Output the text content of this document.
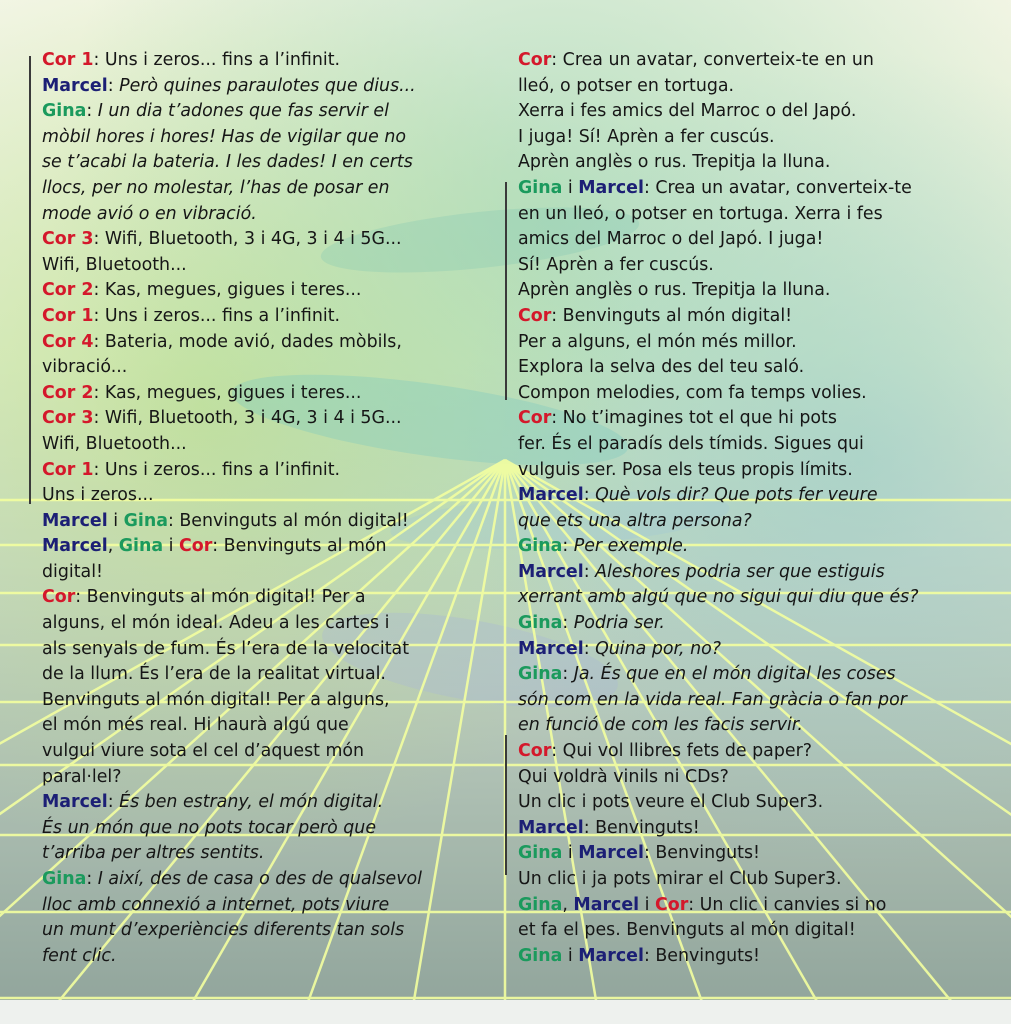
Cor 1: Uns i zeros... fins a l’infinit.
Marcel: Però quines paraulotes que dius...
Gina: I un dia t’adones que fas servir el
mòbil hores i hores! Has de vigilar que no
se t’acabi la bateria. I les dades! I en certs
llocs, per no molestar, l’has de posar en
mode avió o en vibració.
Cor 3: Wifi, Bluetooth, 3 i 4G, 3 i 4 i 5G...
Wifi, Bluetooth...
Cor 2: Kas, megues, gigues i teres...
Cor 1: Uns i zeros... fins a l’infinit.
Cor 4: Bateria, mode avió, dades mòbils,
vibració...
Cor 2: Kas, megues, gigues i teres...
Cor 3: Wifi, Bluetooth, 3 i 4G, 3 i 4 i 5G...
Wifi, Bluetooth...
Cor 1: Uns i zeros... fins a l’infinit.
Uns i zeros...
Marcel i Gina: Benvinguts al món digital!
Marcel, Gina i Cor: Benvinguts al món
digital!
Cor: Benvinguts al món digital! Per a
alguns, el món ideal. Adeu a les cartes i
als senyals de fum. És l’era de la velocitat
de la llum. És l’era de la realitat virtual.
Benvinguts al món digital! Per a alguns,
el món més real. Hi haurà algú que
vulgui viure sota el cel d’aquest món
paral·lel?
Marcel: És ben estrany, el món digital.
És un món que no pots tocar però que
t’arriba per altres sentits.
Gina: I així, des de casa o des de qualsevol
lloc amb connexió a internet, pots viure
un munt d’experiències diferents tan sols
fent clic.
Cor: Crea un avatar, converteix-te en un
lleó, o potser en tortuga.
Xerra i fes amics del Marroc o del Japó.
I juga! Sí! Aprèn a fer cuscús.
Aprèn anglès o rus. Trepitja la lluna.
Gina i Marcel: Crea un avatar, converteix-te
en un lleó, o potser en tortuga. Xerra i fes
amics del Marroc o del Japó. I juga!
Sí! Aprèn a fer cuscús.
Aprèn anglès o rus. Trepitja la lluna.
Cor: Benvinguts al món digital!
Per a alguns, el món més millor.
Explora la selva des del teu saló.
Compon melodies, com fa temps volies.
Cor: No t’imagines tot el que hi pots
fer. És el paradís dels tímids. Sigues qui
vulguis ser. Posa els teus propis límits.
Marcel: Què vols dir? Que pots fer veure
que ets una altra persona?
Gina: Per exemple.
Marcel: Aleshores podria ser que estiguis
xerrant amb algú que no sigui qui diu que és?
Gina: Podria ser.
Marcel: Quina por, no?
Gina: Ja. És que en el món digital les coses
són com en la vida real. Fan gràcia o fan por
en funció de com les facis servir.
Cor: Qui vol llibres fets de paper?
Qui voldrà vinils ni CDs?
Un clic i pots veure el Club Super3.
Marcel: Benvinguts!
Gina i Marcel: Benvinguts!
Un clic i ja pots mirar el Club Super3.
Gina, Marcel i Cor: Un clic i canvies si no
et fa el pes. Benvinguts al món digital!
Gina i Marcel: Benvinguts!
